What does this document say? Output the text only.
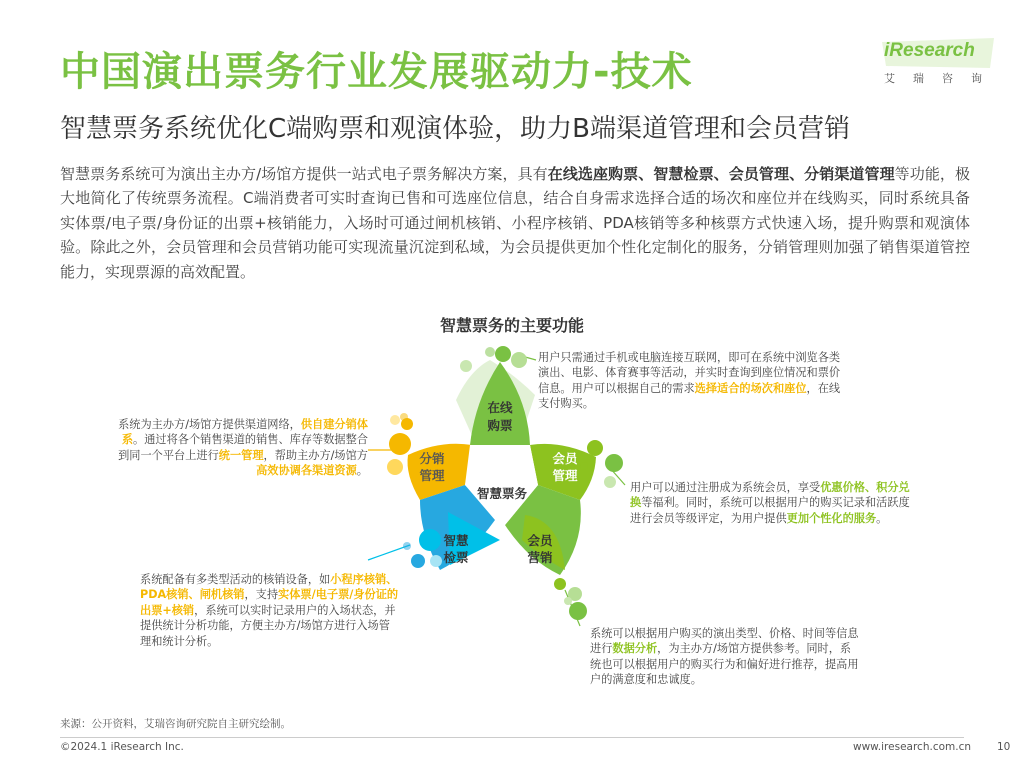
中国演出票务行业发展驱动力-技术
智慧票务系统优化C端购票和观演体验，助力B端渠道管理和会员营销
iResearch
艾瑞咨询
智慧票务系统可为演出主办方/场馆方提供一站式电子票务解决方案，具有在线选座购票、智慧检票、会员管理、分销渠道管理等功能，极大地简化了传统票务流程。C端消费者可实时查询已售和可选座位信息，结合自身需求选择合适的场次和座位并在线购买，同时系统具备实体票/电子票/身份证的出票+核销能力，入场时可通过闸机核销、小程序核销、PDA核销等多种核票方式快速入场，提升购票和观演体验。除此之外，会员管理和会员营销功能可实现流量沉淀到私域，为会员提供更加个性化定制化的服务，分销管理则加强了销售渠道管控能力，实现票源的高效配置。
智慧票务的主要功能
在线
购票
分销
管理
会员
管理
智慧票务
智慧
检票
会员
营销
用户只需通过手机或电脑连接互联网，即可在系统中浏览各类演出、电影、体育赛事等活动，并实时查询到座位情况和票价信息。用户可以根据自己的需求选择适合的场次和座位，在线支付购买。
系统为主办方/场馆方提供渠道网络，供自建分销体系。通过将各个销售渠道的销售、库存等数据整合到同一个平台上进行统一管理，帮助主办方/场馆方高效协调各渠道资源。
用户可以通过注册成为系统会员，享受优惠价格、积分兑换等福利。同时，系统可以根据用户的购买记录和活跃度进行会员等级评定，为用户提供更加个性化的服务。
系统配备有多类型活动的核销设备，如小程序核销、PDA核销、闸机核销，支持实体票/电子票/身份证的出票+核销，系统可以实时记录用户的入场状态，并提供统计分析功能，方便主办方/场馆方进行入场管理和统计分析。
系统可以根据用户购买的演出类型、价格、时间等信息进行数据分析，为主办方/场馆方提供参考。同时，系统也可以根据用户的购买行为和偏好进行推荐，提高用户的满意度和忠诚度。
来源：公开资料，艾瑞咨询研究院自主研究绘制。
©2024.1 iResearch Inc.	www.iresearch.com.cn 10
